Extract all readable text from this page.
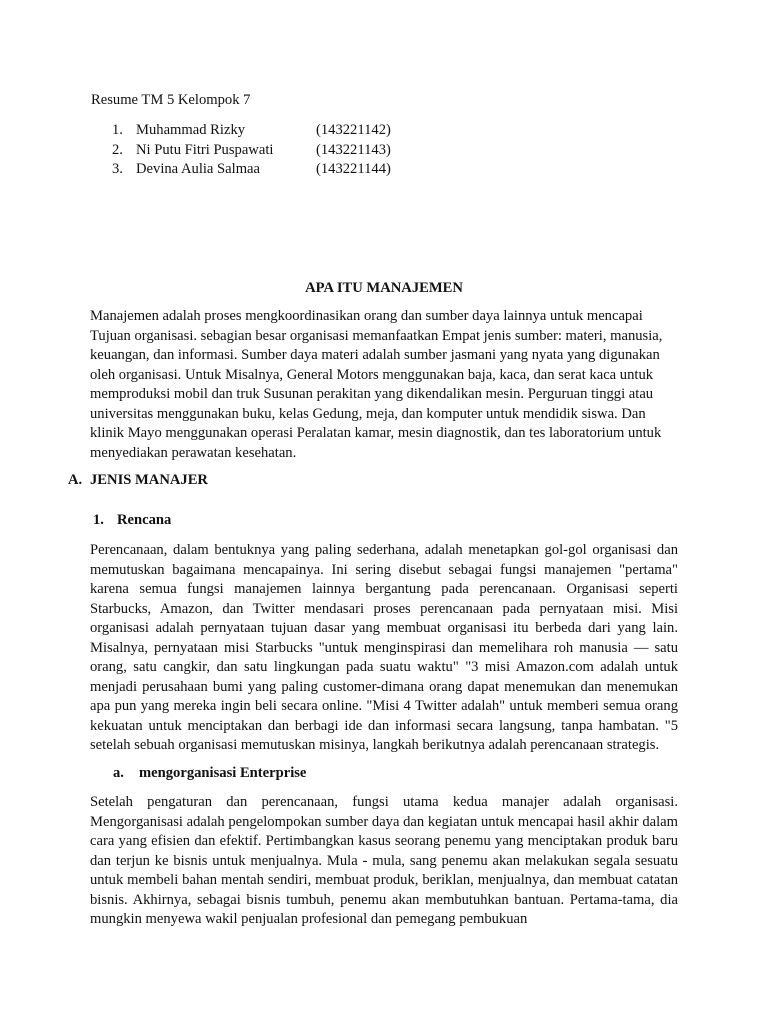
Resume TM 5 Kelompok 7
1. Muhammad Rizky	(143221142)
2. Ni Putu Fitri Puspawati	(143221143)
3. Devina Aulia Salmaa	(143221144)
APA ITU MANAJEMEN

Manajemen adalah proses mengkoordinasikan orang dan sumber daya lainnya untuk mencapai Tujuan organisasi. sebagian besar organisasi memanfaatkan Empat jenis sumber: materi, manusia, keuangan, dan informasi. Sumber daya materi adalah sumber jasmani yang nyata yang digunakan oleh organisasi. Untuk Misalnya, General Motors menggunakan baja, kaca, dan serat kaca untuk memproduksi mobil dan truk Susunan perakitan yang dikendalikan mesin. Perguruan tinggi atau universitas menggunakan buku, kelas Gedung, meja, dan komputer untuk mendidik siswa. Dan klinik Mayo menggunakan operasi Peralatan kamar, mesin diagnostik, dan tes laboratorium untuk menyediakan perawatan kesehatan.

A. JENIS MANAJER
1. Rencana

Perencanaan, dalam bentuknya yang paling sederhana, adalah menetapkan gol-gol organisasi dan memutuskan bagaimana mencapainya. Ini sering disebut sebagai fungsi manajemen "pertama" karena semua fungsi manajemen lainnya bergantung pada perencanaan. Organisasi seperti Starbucks, Amazon, dan Twitter mendasari proses perencanaan pada pernyataan misi. Misi organisasi adalah pernyataan tujuan dasar yang membuat organisasi itu berbeda dari yang lain. Misalnya, pernyataan misi Starbucks "untuk menginspirasi dan memelihara roh manusia — satu orang, satu cangkir, dan satu lingkungan pada suatu waktu" "3 misi Amazon.com adalah untuk menjadi perusahaan bumi yang paling customer-dimana orang dapat menemukan dan menemukan apa pun yang mereka ingin beli secara online. "Misi 4 Twitter adalah" untuk memberi semua orang kekuatan untuk menciptakan dan berbagi ide dan informasi secara langsung, tanpa hambatan. "5 setelah sebuah organisasi memutuskan misinya, langkah berikutnya adalah perencanaan strategis.

a. mengorganisasi Enterprise

Setelah pengaturan dan perencanaan, fungsi utama kedua manajer adalah organisasi. Mengorganisasi adalah pengelompokan sumber daya dan kegiatan untuk mencapai hasil akhir dalam cara yang efisien dan efektif. Pertimbangkan kasus seorang penemu yang menciptakan produk baru dan terjun ke bisnis untuk menjualnya. Mula - mula, sang penemu akan melakukan segala sesuatu untuk membeli bahan mentah sendiri, membuat produk, beriklan, menjualnya, dan membuat catatan bisnis. Akhirnya, sebagai bisnis tumbuh, penemu akan membutuhkan bantuan. Pertama-tama, dia mungkin menyewa wakil penjualan profesional dan pemegang pembukuan
